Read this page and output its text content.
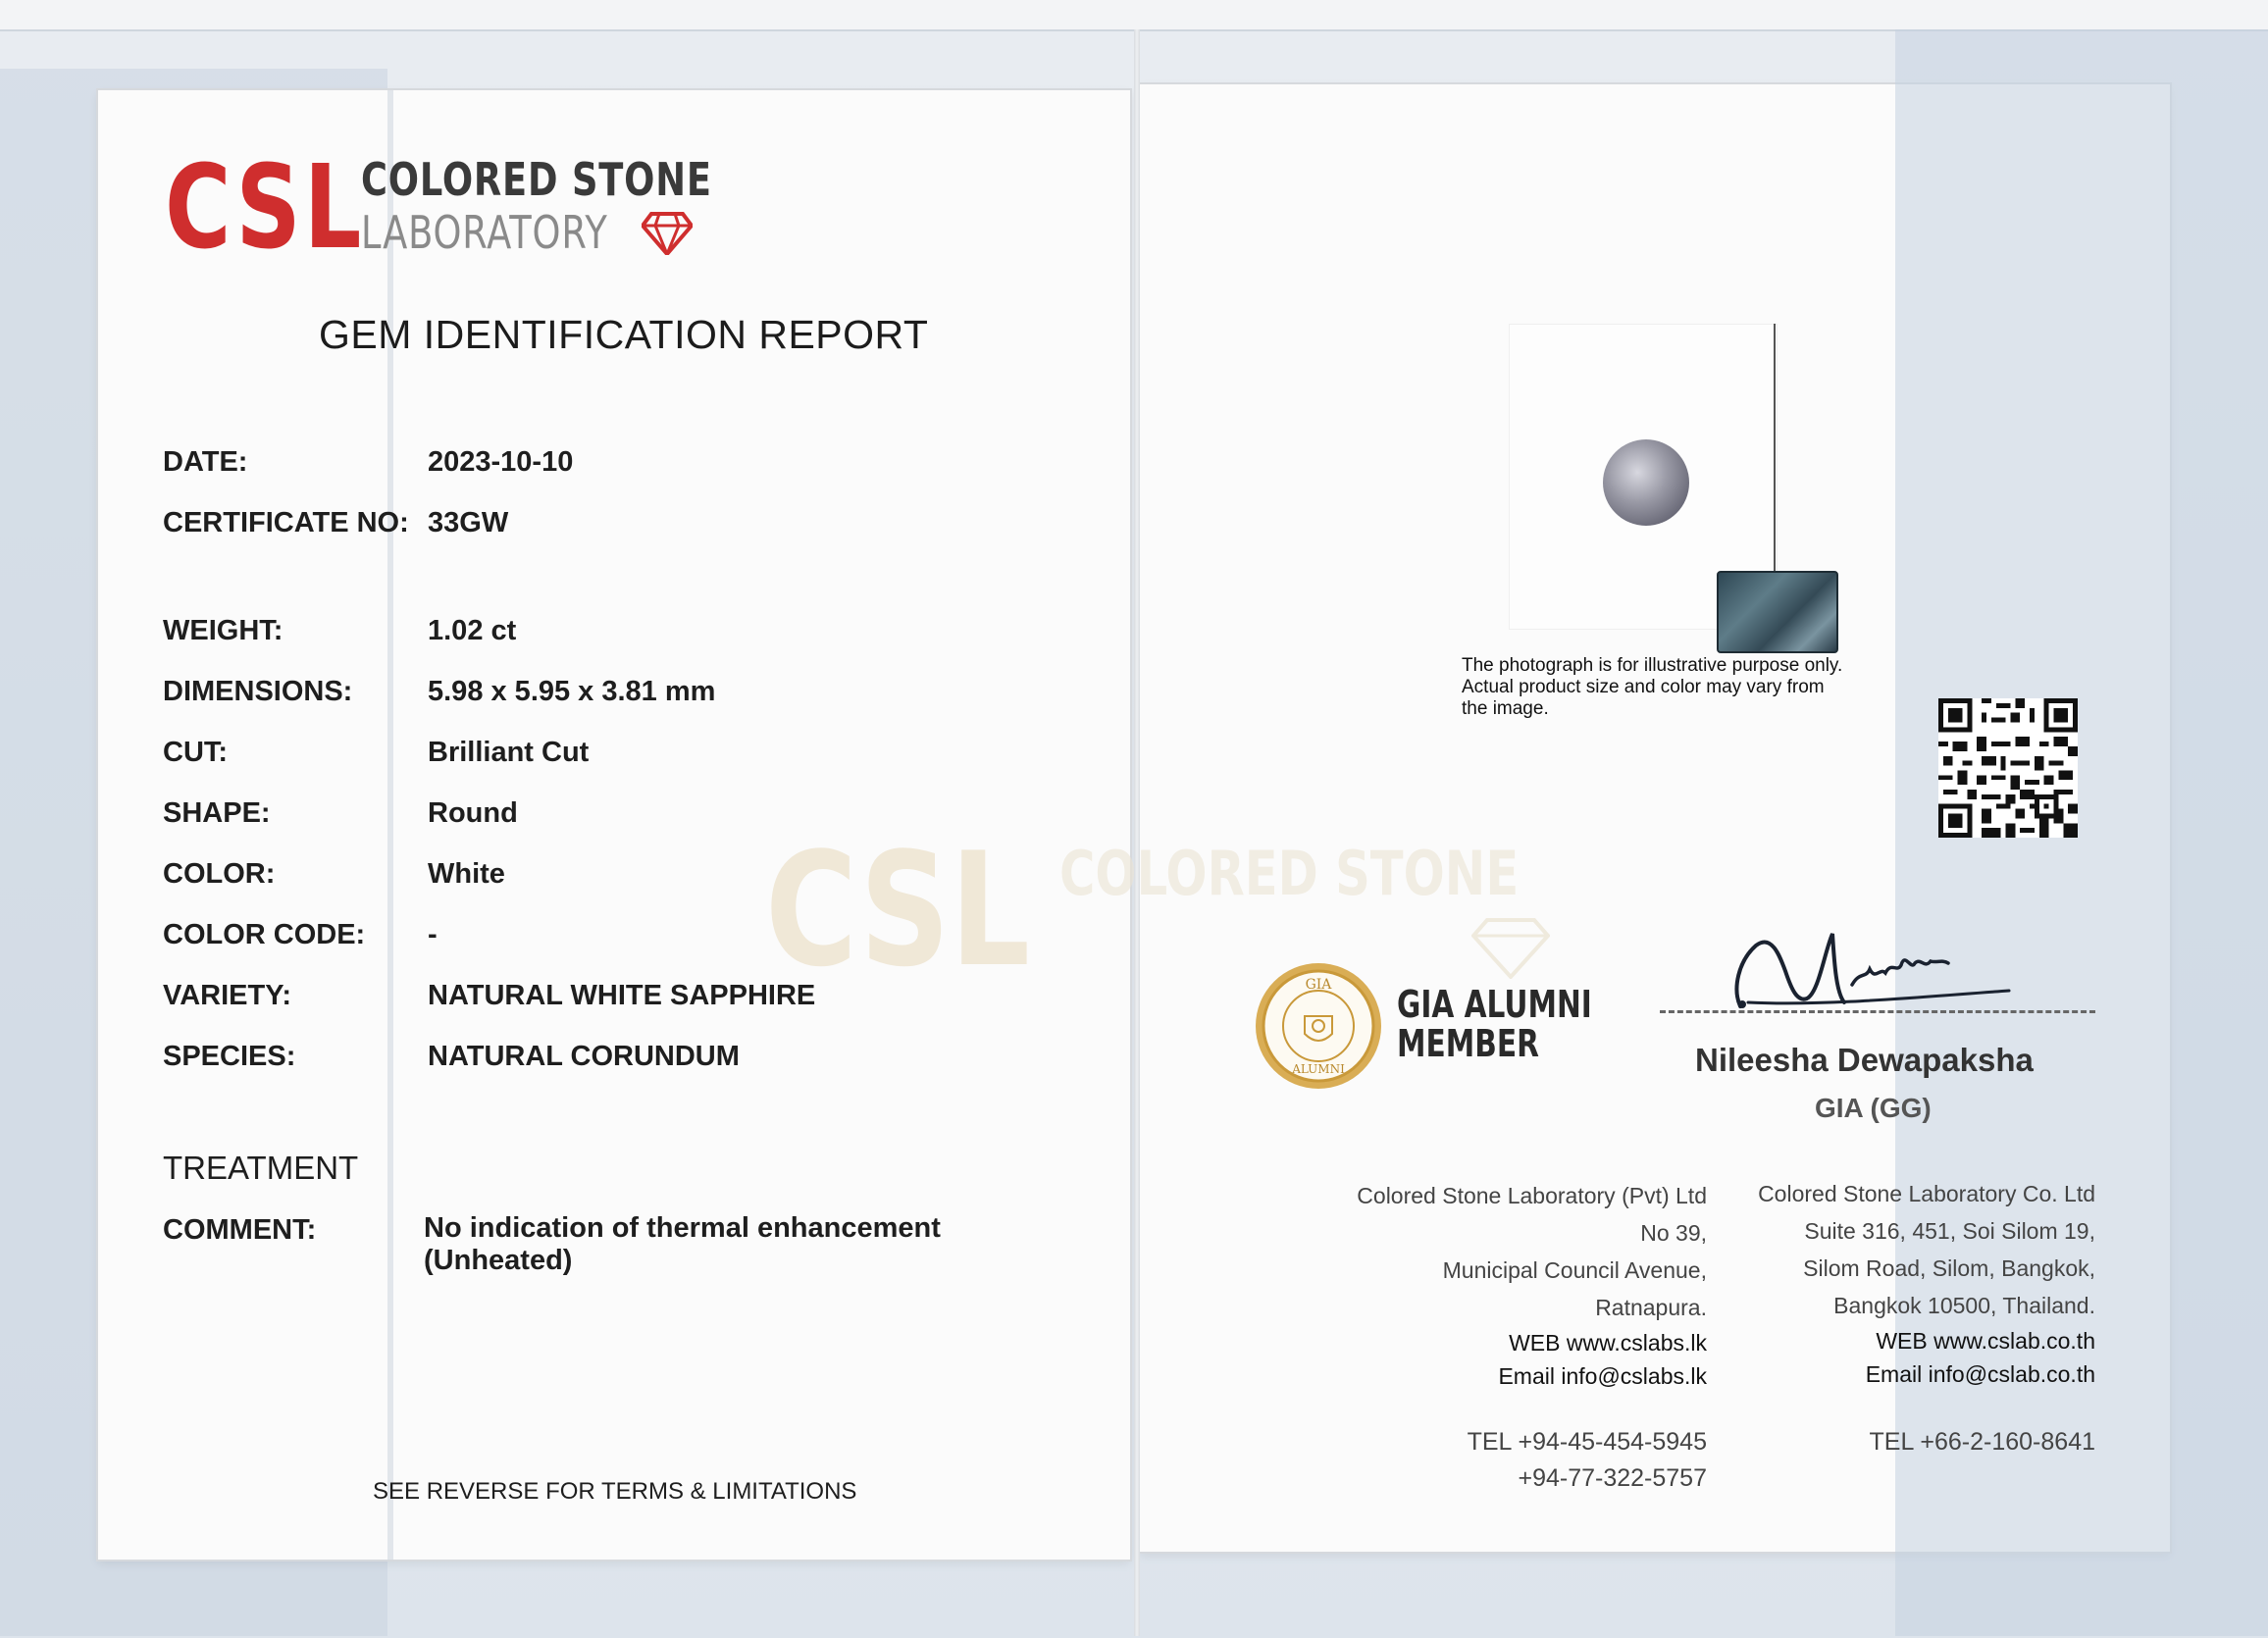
CSL
COLORED STONE
LABORATORY
GEM IDENTIFICATION REPORT
DATE:	2023-10-10
CERTIFICATE NO: 33GW
WEIGHT:	1.02 ct
DIMENSIONS:	5.98 x 5.95 x 3.81 mm
CUT:	Brilliant Cut
SHAPE:	Round
COLOR:	White
COLOR CODE: -
VARIETY:	NATURAL WHITE SAPPHIRE
SPECIES:	NATURAL CORUNDUM
TREATMENT
COMMENT:	No indication of thermal enhancement
(Unheated)
SEE REVERSE FOR TERMS & LIMITATIONS
CSL COLORED STONE
The photograph is for illustrative purpose only. Actual product size and color may vary from the image.
GIA
ALUMNI
GIA ALUMNI
MEMBER	Nileesha Dewapaksha
GIA (GG)
Colored Stone Laboratory (Pvt) Ltd
No 39,
Municipal Council Avenue,
Ratnapura.
WEB www.cslabs.lk
Email info@cslabs.lk
TEL +94-45-454-5945
+94-77-322-5757
Colored Stone Laboratory Co. Ltd
Suite 316, 451, Soi Silom 19,
Silom Road, Silom, Bangkok,
Bangkok 10500, Thailand.
WEB www.cslab.co.th
Email info@cslab.co.th
TEL +66-2-160-8641
